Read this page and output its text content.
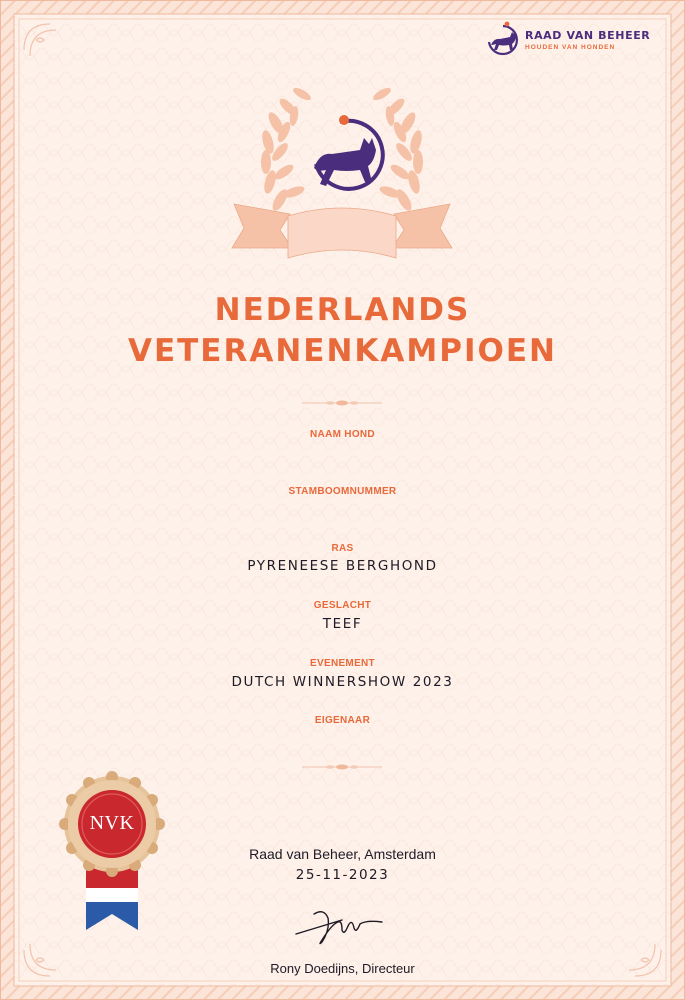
RAAD VAN BEHEER
HOUDEN VAN HONDEN
NEDERLANDS
VETERANENKAMPIOEN
NAAM HOND
STAMBOOMNUMMER
RAS
PYRENEESE BERGHOND
GESLACHT
TEEF
EVENEMENT
DUTCH WINNERSHOW 2023
EIGENAAR
NVK
Raad van Beheer, Amsterdam
25-11-2023
Rony Doedijns, Directeur
